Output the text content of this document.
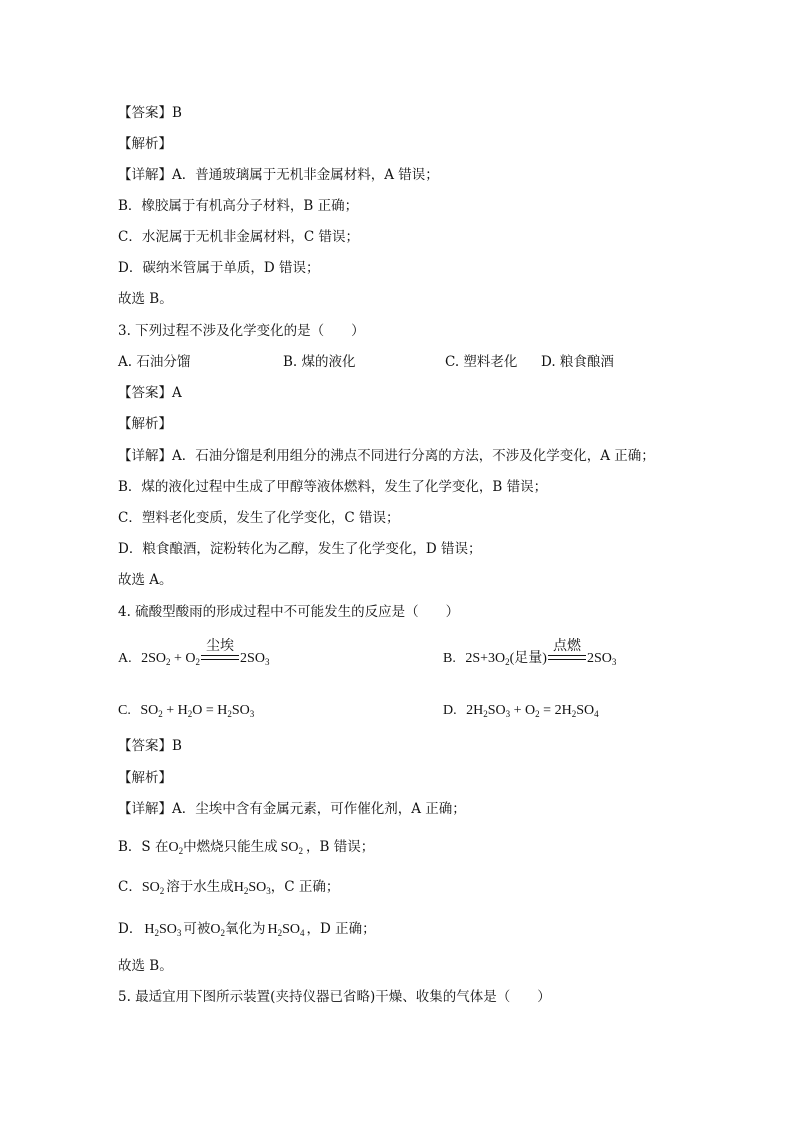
【答案】B
【解析】
【详解】A．普通玻璃属于无机非金属材料，A 错误；
B．橡胶属于有机高分子材料，B 正确；
C．水泥属于无机非金属材料，C 错误；
D．碳纳米管属于单质，D 错误；
故选 B。
3. 下列过程不涉及化学变化的是（　　）
A. 石油分馏	B. 煤的液化	C. 塑料老化 D. 粮食酿酒
【答案】A
【解析】
【详解】A．石油分馏是利用组分的沸点不同进行分离的方法，不涉及化学变化，A 正确；
B．煤的液化过程中生成了甲醇等液体燃料，发生了化学变化，B 错误；
C．塑料老化变质，发生了化学变化，C 错误；
D．粮食酿酒，淀粉转化为乙醇，发生了化学变化，D 错误；
故选 A。
4. 硫酸型酸雨的形成过程中不可能发生的反应是（　　）
A. $2SO_2 + O_2$
尘埃
$2SO_3$	B. $2S+3O_2$(足量)
点燃
$2SO_3$
C. $SO_2 + H_2O = H_2SO_3$	D. $2H_2SO_3 + O_2 = 2H_2SO_4$
【答案】B
【解析】
【详解】A．尘埃中含有金属元素，可作催化剂，A 正确；
B．S 在$O_2$中燃烧只能生成 $SO_2$ ，B 错误；
C．$SO_2$ 溶于水生成$H_2SO_3$，C 正确；
D． $H_2SO_3$ 可被$O_2$氧化为 $H_2SO_4$ ，D 正确；
故选 B。
5. 最适宜用下图所示装置(夹持仪器已省略)干燥、收集的气体是（　　）
